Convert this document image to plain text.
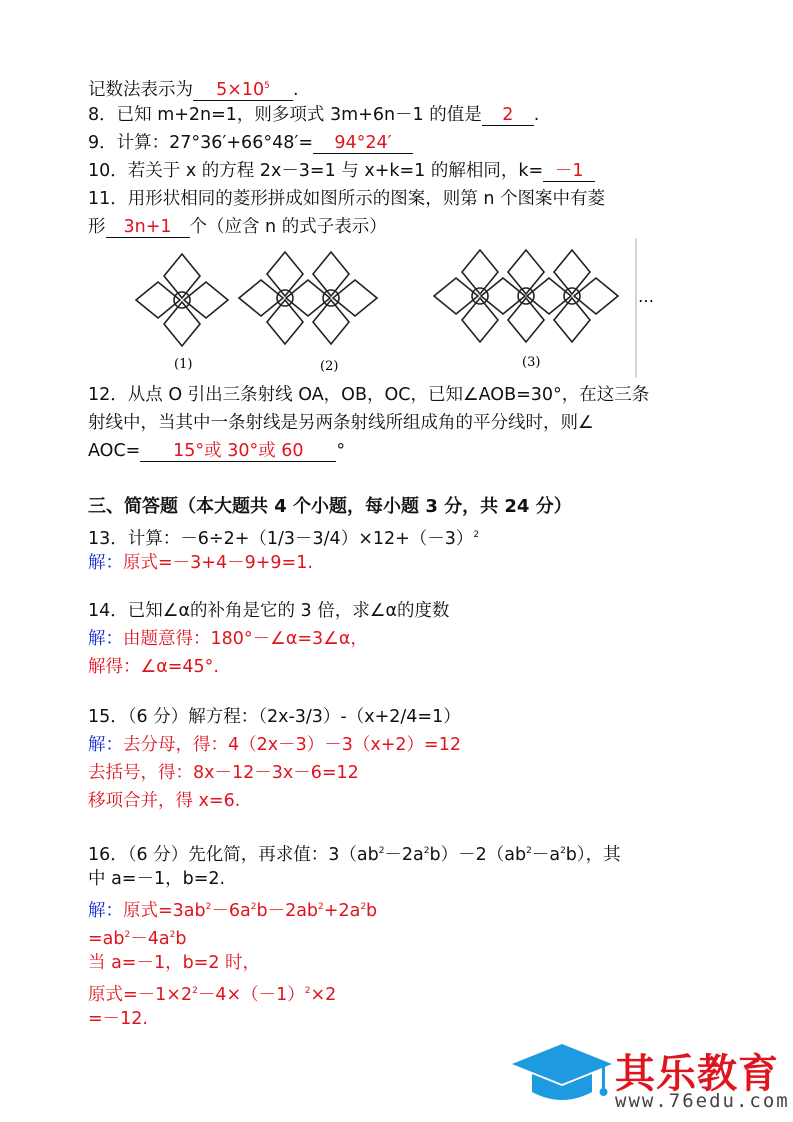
记数法表示为 $5\times 10^5$ .
8．已知 m+2n=1，则多项式 3m+6n－1 的值是 2 .
9．计算：27°36′+66°48′= 94°24′
10．若关于 x 的方程 2x－3=1 与 x+k=1 的解相同，k= －1
11．用形状相同的菱形拼成如图所示的图案，则第 n 个图案中有菱
形 3n+1 个（应含 n 的式子表示）
(1)	(2)	(3)
…
12．从点 O 引出三条射线 OA，OB，OC，已知∠AOB=30°，在这三条
射线中，当其中一条射线是另两条射线所组成角的平分线时，则∠
AOC= 15°或 30°或 60 °
三、简答题（本大题共 4 个小题，每小题 3 分，共 24 分）
13．计算：$-6\div 2+(1/3-3/4)\times 12+(-3)^2$
解：原式=－3+4－9+9=1.
14．已知∠α的补角是它的 3 倍，求∠α的度数
解：由题意得：180°－∠α=3∠α，
解得：∠α=45°.
15．（6 分）解方程：（2x-3/3）-（x+2/4=1）
解：去分母，得：4（2x－3）－3（x+2）=12
去括号，得：8x－12－3x－6=12
移项合并，得 x=6.
16．（6 分）先化简，再求值：$3(ab^2-2a^2b)-2(ab^2-a^2b)$，其
中 a=－1，b=2.
解：原式$=3ab^2-6a^2b-2ab^2+2a^2b$
$=ab^2-4a^2b$
当 a=－1，b=2 时，
原式$=-1\times 2^2-4\times(-1)^2\times 2$
=－12.
其乐教育
www.76edu.com
